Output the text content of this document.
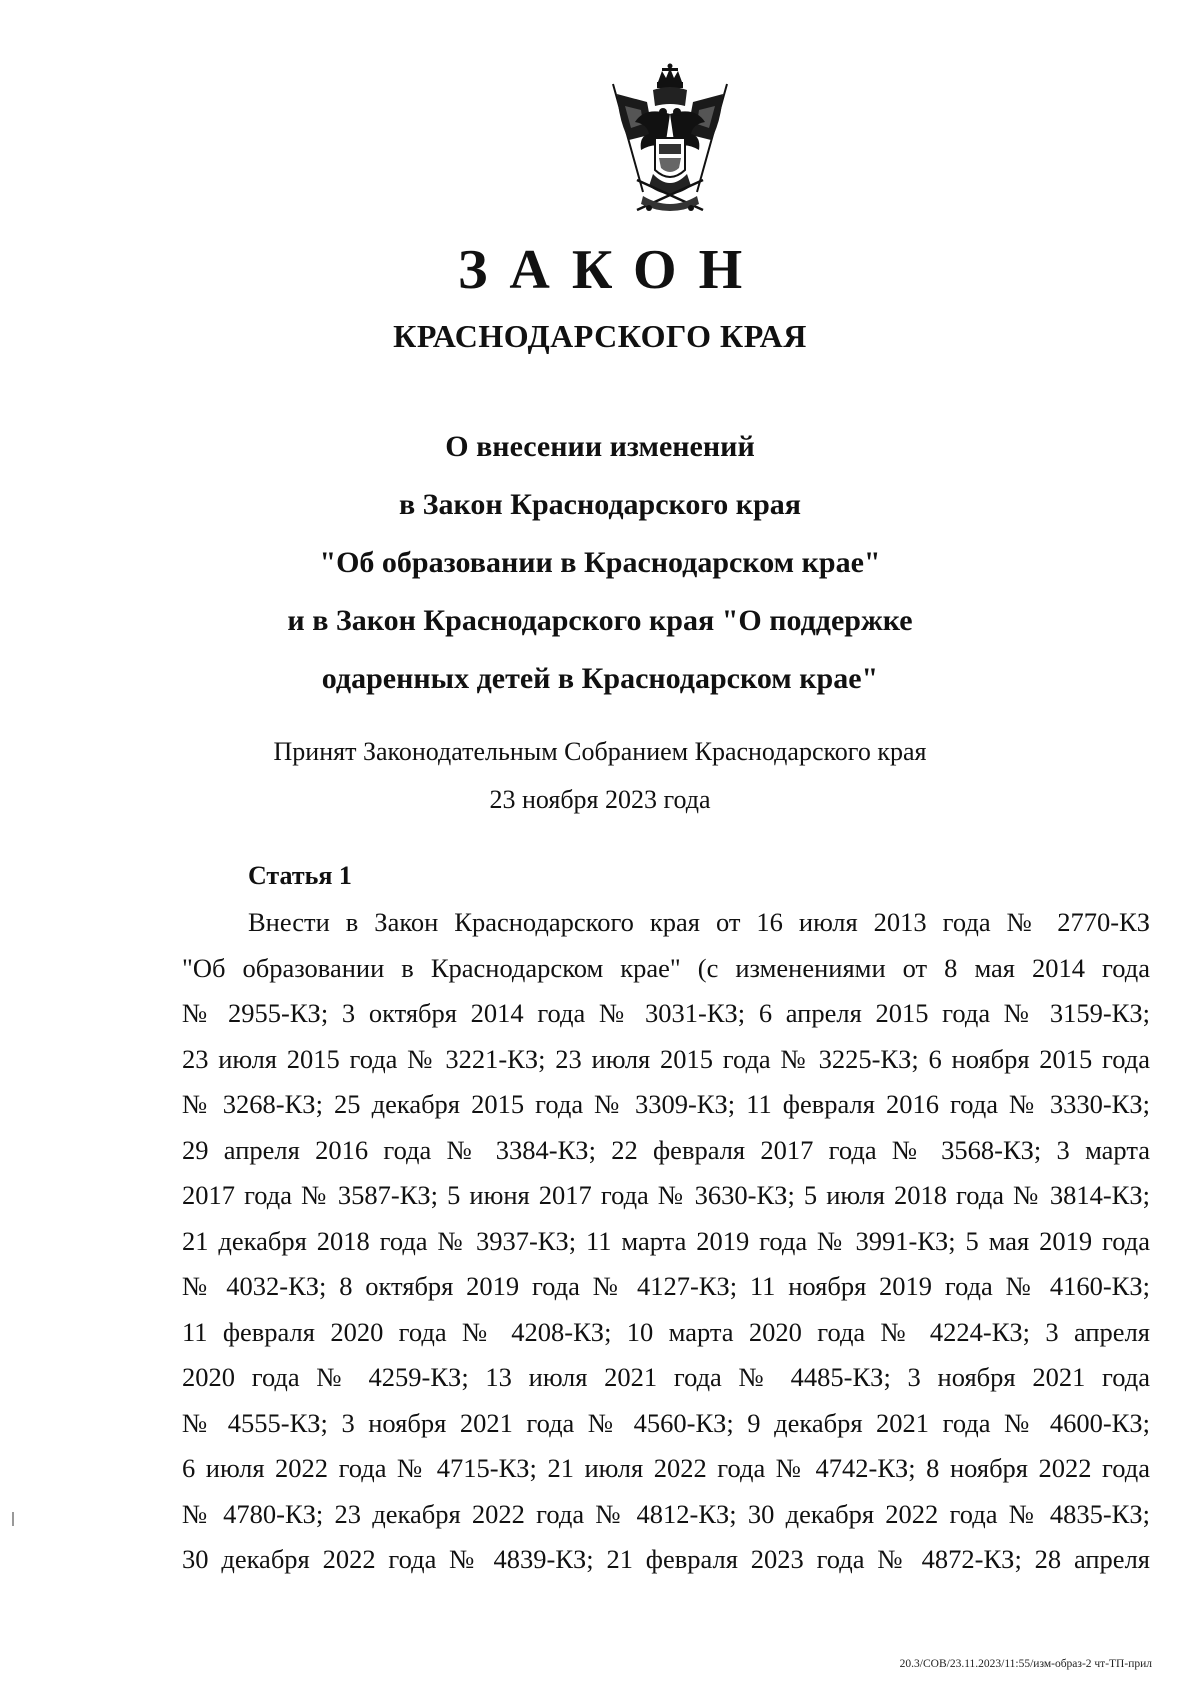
ЗАКОН
КРАСНОДАРСКОГО КРАЯ
О внесении изменений
в Закон Краснодарского края
"Об образовании в Краснодарском крае"
и в Закон Краснодарского края "О поддержке
одаренных детей в Краснодарском крае"
Принят Законодательным Собранием Краснодарского края
23 ноября 2023 года
Статья 1
Внести в Закон Краснодарского края от 16 июля 2013 года № 2770-КЗ
"Об образовании в Краснодарском крае" (с изменениями от 8 мая 2014 года
№ 2955-КЗ; 3 октября 2014 года № 3031-КЗ; 6 апреля 2015 года № 3159-КЗ;
23 июля 2015 года № 3221-КЗ; 23 июля 2015 года № 3225-КЗ; 6 ноября 2015 года
№ 3268-КЗ; 25 декабря 2015 года № 3309-КЗ; 11 февраля 2016 года № 3330-КЗ;
29 апреля 2016 года № 3384-КЗ; 22 февраля 2017 года № 3568-КЗ; 3 марта
2017 года № 3587-КЗ; 5 июня 2017 года № 3630-КЗ; 5 июля 2018 года № 3814-КЗ;
21 декабря 2018 года № 3937-КЗ; 11 марта 2019 года № 3991-КЗ; 5 мая 2019 года
№ 4032-КЗ; 8 октября 2019 года № 4127-КЗ; 11 ноября 2019 года № 4160-КЗ;
11 февраля 2020 года № 4208-КЗ; 10 марта 2020 года № 4224-КЗ; 3 апреля
2020 года № 4259-КЗ; 13 июля 2021 года № 4485-КЗ; 3 ноября 2021 года
№ 4555-КЗ; 3 ноября 2021 года № 4560-КЗ; 9 декабря 2021 года № 4600-КЗ;
6 июля 2022 года № 4715-КЗ; 21 июля 2022 года № 4742-КЗ; 8 ноября 2022 года
№ 4780-КЗ; 23 декабря 2022 года № 4812-КЗ; 30 декабря 2022 года № 4835-КЗ;
30 декабря 2022 года № 4839-КЗ; 21 февраля 2023 года № 4872-КЗ; 28 апреля
20.3/СОВ/23.11.2023/11:55/изм-образ-2 чт-ТП-прил
